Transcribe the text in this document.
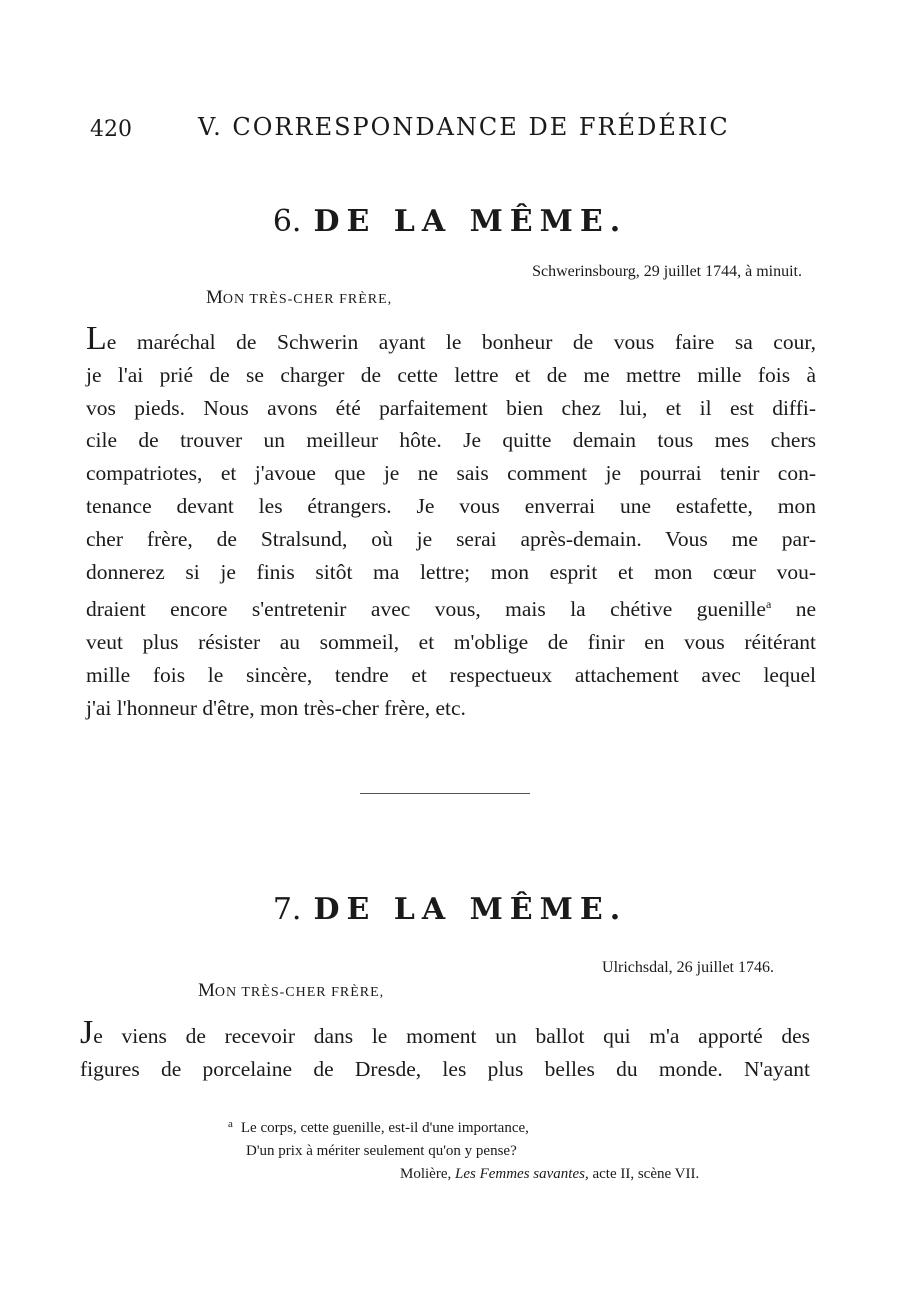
420	V. CORRESPONDANCE DE FRÉDÉRIC
6. DE LA MÊME.
Schwerinsbourg, 29 juillet 1744, à minuit.
MON TRÈS-CHER FRÈRE,
Le maréchal de Schwerin ayant le bonheur de vous faire sa cour,
je l'ai prié de se charger de cette lettre et de me mettre mille fois à
vos pieds. Nous avons été parfaitement bien chez lui, et il est diffi-
cile de trouver un meilleur hôte. Je quitte demain tous mes chers
compatriotes, et j'avoue que je ne sais comment je pourrai tenir con-
tenance devant les étrangers. Je vous enverrai une estafette, mon
cher frère, de Stralsund, où je serai après-demain. Vous me par-
donnerez si je finis sitôt ma lettre; mon esprit et mon cœur vou-
draient encore s'entretenir avec vous, mais la chétive guenille$^a$ ne
veut plus résister au sommeil, et m'oblige de finir en vous réitérant
mille fois le sincère, tendre et respectueux attachement avec lequel
j'ai l'honneur d'être, mon très-cher frère, etc.
7. DE LA MÊME.
Ulrichsdal, 26 juillet 1746.
MON TRÈS-CHER FRÈRE,
Je viens de recevoir dans le moment un ballot qui m'a apporté des
figures de porcelaine de Dresde, les plus belles du monde. N'ayant
$^a$ Le corps, cette guenille, est-il d'une importance,
D'un prix à mériter seulement qu'on y pense?
Molière, Les Femmes savantes, acte II, scène VII.
